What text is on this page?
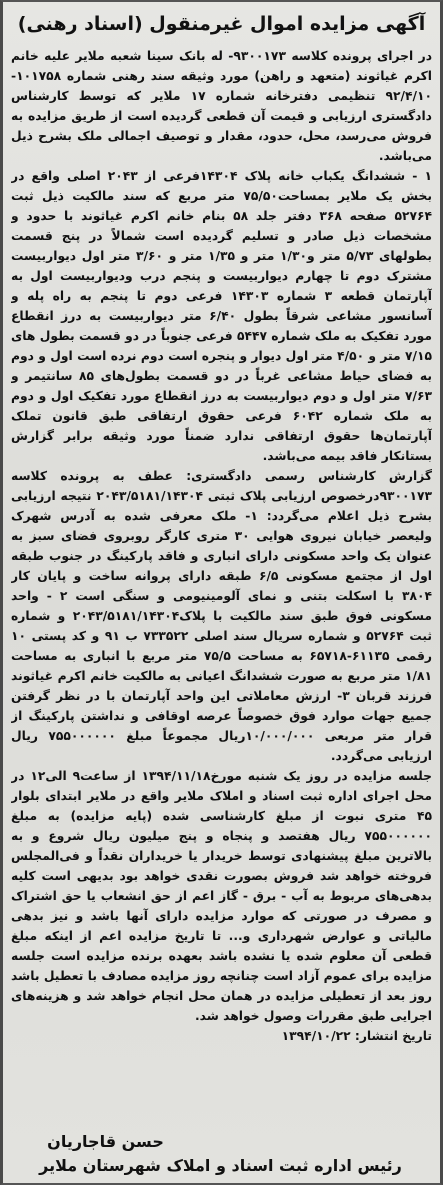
آگهی مزایده اموال غیرمنقول (اسناد رهنی)

در اجرای پرونده کلاسه ۹۳۰۰۱۷۳- له بانک سینا شعبه ملایر علیه خانم اکرم غیاثوند (متعهد و راهن) مورد وثیقه سند رهنی شماره ۱۰۱۷۵۸- ۹۲/۴/۱۰ تنظیمی دفترخانه شماره ۱۷ ملایر که توسط کارشناس دادگستری ارزیابی و قیمت آن قطعی گردیده است از طریق مزایده به فروش می‌رسد، محل، حدود، مقدار و توصیف اجمالی ملک بشرح ذیل می‌باشد.

۱ - ششدانگ یکباب خانه پلاک ۱۴۳۰۴فرعی از ۲۰۴۳ اصلی واقع در بخش یک ملایر بمساحت۷۵/۵۰ متر مربع که سند مالکیت ذیل ثبت ۵۲۷۶۴ صفحه ۳۶۸ دفتر جلد ۵۸ بنام خانم اکرم غیاثوند با حدود و مشخصات ذیل صادر و تسلیم گردیده است شمالاً در پنج قسمت بطولهای ۵/۷۳ متر و۱/۳۰ متر و ۱/۳۵ متر و ۳/۶۰ متر اول دیواربیست مشترک دوم تا چهارم دیواربیست و پنجم درب ودیواربیست اول به آپارتمان قطعه ۳ شماره ۱۴۳۰۳ فرعی دوم تا پنجم به راه پله و آسانسور مشاعی شرقاً بطول ۶/۴۰ متر دیواربیست به درز انقطاع مورد تفکیک به ملک شماره ۵۴۴۷ فرعی جنوباً در دو قسمت بطول های ۷/۱۵ متر و ۴/۵۰ متر اول دیوار و پنجره است دوم نرده است اول و دوم به فضای حیاط مشاعی غرباً در دو قسمت بطول‌های ۸۵ سانتیمر و ۷/۶۳ متر اول و دوم دیواربیست به درز انقطاع مورد تفکیک اول و دوم به ملک شماره ۶۰۴۲ فرعی حقوق ارتفاقی طبق قانون تملک آپارتمان‌ها حقوق ارتفاقی ندارد ضمناً مورد وثیقه برابر گزارش بستانکار فاقد بیمه می‌باشد.

گزارش کارشناس رسمی دادگستری: عطف به پرونده کلاسه ۹۳۰۰۱۷۳درخصوص ارزیابی پلاک ثبتی ۲۰۴۳/۵۱۸۱/۱۴۳۰۴ نتیجه ارزیابی بشرح ذیل اعلام می‌گردد: ۱- ملک معرفی شده به آدرس شهرک ولیعصر خیابان نیروی هوایی ۳۰ متری کارگر روبروی فضای سبز به عنوان یک واحد مسکونی دارای انباری و فاقد پارکینگ در جنوب طبقه اول از مجتمع مسکونی ۶/۵ طبقه دارای پروانه ساخت و پایان کار ۳۸۰۴ با اسکلت بتنی و نمای آلومینیومی و سنگی است ۲ - واحد مسکونی فوق طبق سند مالکیت با پلاک۲۰۴۳/۵۱۸۱/۱۴۳۰۴ و شماره ثبت ۵۲۷۶۴ و شماره سریال سند اصلی ۷۳۳۵۲۲ ب ۹۱ و کد پستی ۱۰ رقمی ۶۱۱۳۵-۶۵۷۱۸ به مساحت ۷۵/۵ متر مربع با انباری به مساحت ۱/۸۱ متر مربع به صورت ششدانگ اعیانی به مالکیت خانم اکرم غیاثوند فرزند قربان ۳- ارزش معاملاتی این واحد آپارتمان با در نظر گرفتن جمیع جهات موارد فوق خصوصاً عرصه اوقافی و نداشتن پارکینگ از قرار متر مربعی ۱۰/۰۰۰/۰۰۰ریال مجموعاً مبلغ ۷۵۵۰۰۰۰۰۰ ریال ارزیابی می‌گردد.

جلسه مزایده در روز یک شنبه مورخ۱۳۹۴/۱۱/۱۸ از ساعت۹ الی۱۲ در محل اجرای اداره ثبت اسناد و املاک ملایر واقع در ملایر ابتدای بلوار ۴۵ متری نبوت از مبلغ کارشناسی شده (پایه مزایده) به مبلغ ۷۵۵۰۰۰۰۰۰ ریال هفتصد و پنجاه و پنج میلیون ریال شروع و به بالاترین مبلغ پیشنهادی توسط خریدار یا خریداران نقداً و فی‌المجلس فروخته خواهد شد فروش بصورت نقدی خواهد بود بدیهی است کلیه بدهی‌های مربوط به آب - برق - گاز اعم از حق انشعاب یا حق اشتراک و مصرف در صورتی که موارد مزایده دارای آنها باشد و نیز بدهی مالیاتی و عوارض شهرداری و... تا تاریخ مزایده اعم از اینکه مبلغ قطعی آن معلوم شده یا نشده باشد بعهده برنده مزایده است جلسه مزایده برای عموم آزاد است چنانچه روز مزایده مصادف با تعطیل باشد روز بعد از تعطیلی مزایده در همان محل انجام خواهد شد و هزینه‌های اجرایی طبق مقررات وصول خواهد شد.

تاریخ انتشار: ۱۳۹۴/۱۰/۲۲

حسن قاجاریان
رئیس اداره ثبت اسناد و املاک شهرستان ملایر
